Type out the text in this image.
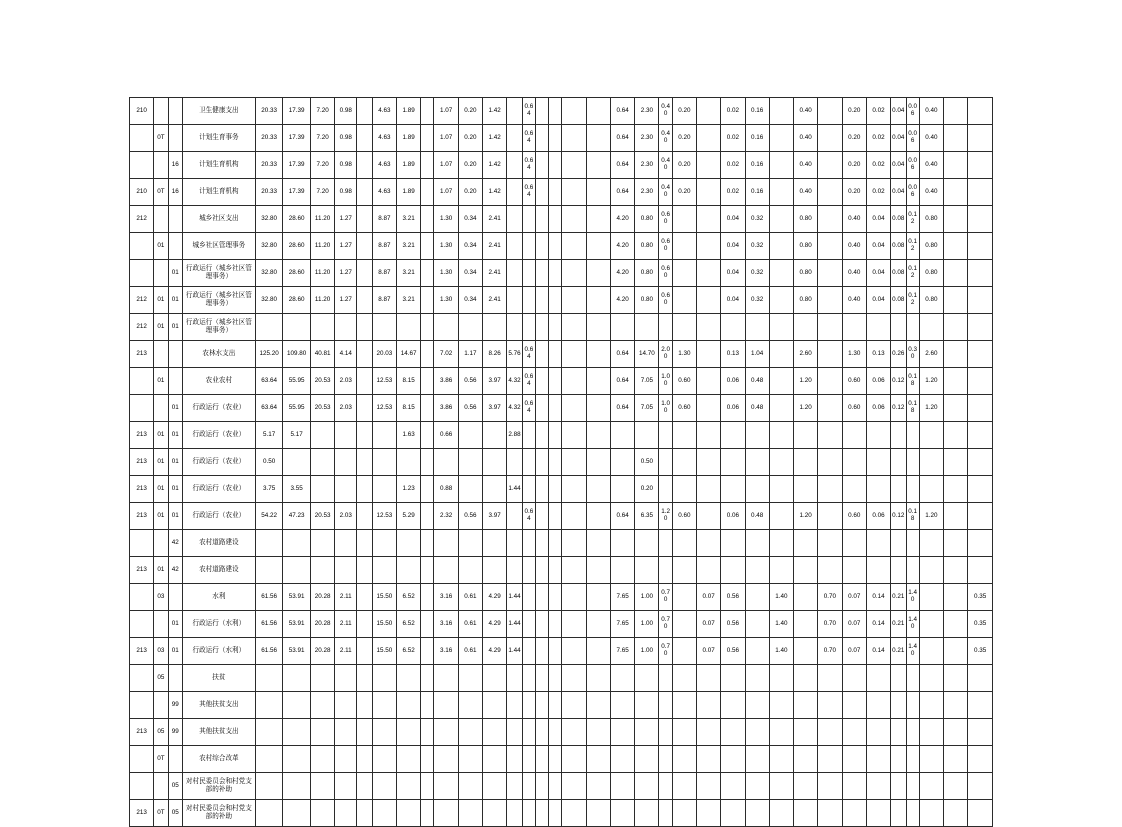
210			卫生健康支出	20.33	17.39	7.20	0.98		4.63	1.89		1.07	0.20	1.42		0.64					0.64	2.30	0.40	0.20		0.02	0.16		0.40		0.20	0.02	0.04	0.06	0.40		
	0T		计划生育事务	20.33	17.39	7.20	0.98		4.63	1.89		1.07	0.20	1.42		0.64					0.64	2.30	0.40	0.20		0.02	0.16		0.40		0.20	0.02	0.04	0.06	0.40		
		16	计划生育机构	20.33	17.39	7.20	0.98		4.63	1.89		1.07	0.20	1.42		0.64					0.64	2.30	0.40	0.20		0.02	0.16		0.40		0.20	0.02	0.04	0.06	0.40		
210	0T	16	计划生育机构	20.33	17.39	7.20	0.98		4.63	1.89		1.07	0.20	1.42		0.64					0.64	2.30	0.40	0.20		0.02	0.16		0.40		0.20	0.02	0.04	0.06	0.40		
212			城乡社区支出	32.80	28.60	11.20	1.27		8.87	3.21		1.30	0.34	2.41							4.20	0.80	0.60			0.04	0.32		0.80		0.40	0.04	0.08	0.12	0.80		
	01		城乡社区管理事务	32.80	28.60	11.20	1.27		8.87	3.21		1.30	0.34	2.41							4.20	0.80	0.60			0.04	0.32		0.80		0.40	0.04	0.08	0.12	0.80		
		01	行政运行（城乡社区管理事务）	32.80	28.60	11.20	1.27		8.87	3.21		1.30	0.34	2.41							4.20	0.80	0.60			0.04	0.32		0.80		0.40	0.04	0.08	0.12	0.80		
212	01	01	行政运行（城乡社区管理事务）	32.80	28.60	11.20	1.27		8.87	3.21		1.30	0.34	2.41							4.20	0.80	0.60			0.04	0.32		0.80		0.40	0.04	0.08	0.12	0.80		
212	01	01	行政运行（城乡社区管理事务）																																		
213			农林水支出	125.20	109.80	40.81	4.14		20.03	14.67		7.02	1.17	8.26	5.76	0.64					0.64	14.70	2.00	1.30		0.13	1.04		2.60		1.30	0.13	0.26	0.30	2.60		
	01		农业农村	63.64	55.95	20.53	2.03		12.53	8.15		3.86	0.56	3.97	4.32	0.64					0.64	7.05	1.00	0.60		0.06	0.48		1.20		0.60	0.06	0.12	0.18	1.20		
		01	行政运行（农业）	63.64	55.95	20.53	2.03		12.53	8.15		3.86	0.56	3.97	4.32	0.64					0.64	7.05	1.00	0.60		0.06	0.48		1.20		0.60	0.06	0.12	0.18	1.20		
213	01	01	行政运行（农业）	5.17	5.17					1.63		0.66			2.88																						
213	01	01	行政运行（农业）	0.50																		0.50															
213	01	01	行政运行（农业）	3.75	3.55					1.23		0.88			1.44							0.20															
213	01	01	行政运行（农业）	54.22	47.23	20.53	2.03		12.53	5.29		2.32	0.56	3.97		0.64					0.64	6.35	1.20	0.60		0.06	0.48		1.20		0.60	0.06	0.12	0.18	1.20		
		42	农村道路建设																																		
213	01	42	农村道路建设																																		
	03		水利	61.56	53.91	20.28	2.11		15.50	6.52		3.16	0.61	4.29	1.44						7.65	1.00	0.70		0.07	0.56		1.40		0.70	0.07	0.14	0.21	1.40			0.35
		01	行政运行（水利）	61.56	53.91	20.28	2.11		15.50	6.52		3.16	0.61	4.29	1.44						7.65	1.00	0.70		0.07	0.56		1.40		0.70	0.07	0.14	0.21	1.40			0.35
213	03	01	行政运行（水利）	61.56	53.91	20.28	2.11		15.50	6.52		3.16	0.61	4.29	1.44						7.65	1.00	0.70		0.07	0.56		1.40		0.70	0.07	0.14	0.21	1.40			0.35
	05		扶贫																																		
		99	其他扶贫支出																																		
213	05	99	其他扶贫支出																																		
	0T		农村综合改革																																		
		05	对村民委员会和村党支部的补助																																		
213	0T	05	对村民委员会和村党支部的补助																																		
